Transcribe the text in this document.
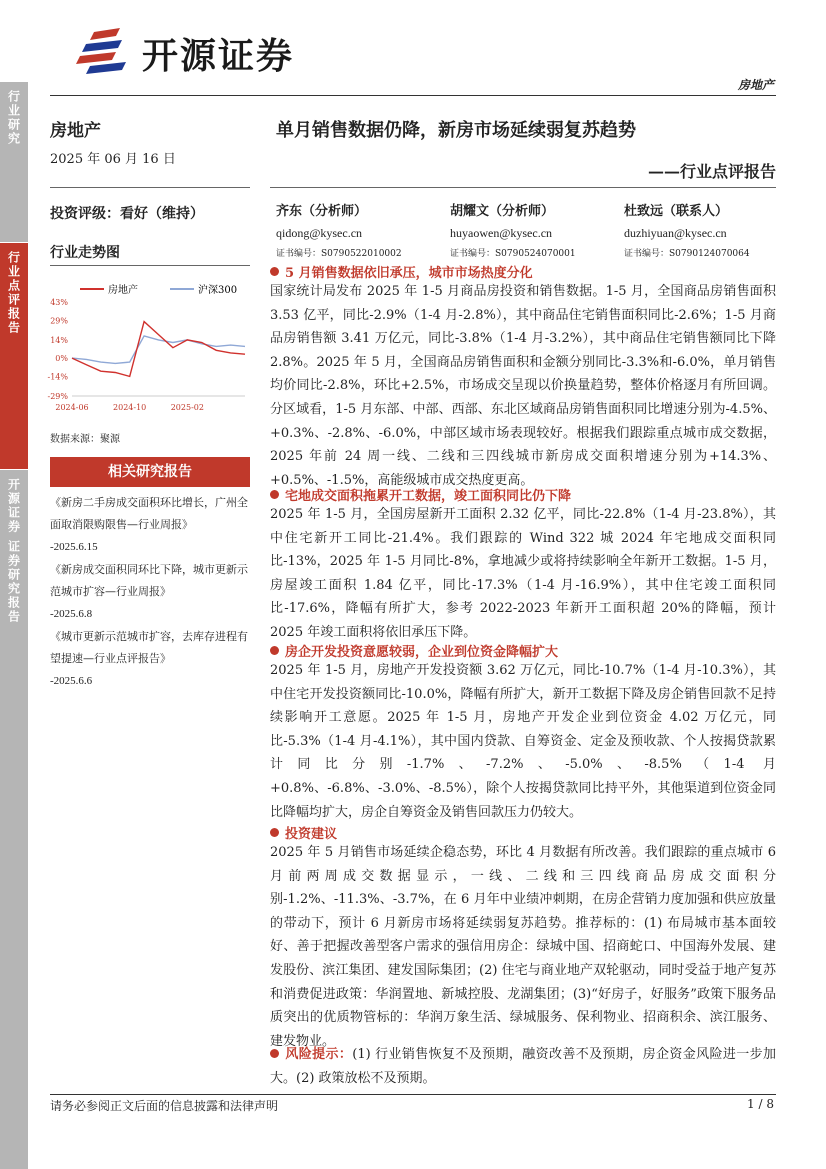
开源证券
房地产
行业研究
行业点评报告
开源证券 证券研究报告
房地产
2025 年 06 月 16 日
投资评级：看好（维持）
行业走势图
房地产	沪深300
43%
29%
14%
0%
-14%
-29%
2024-06	2024-10	2025-02
数据来源：聚源
相关研究报告
《新房二手房成交面积环比增长，广州全面取消限购限售—行业周报》
-2025.6.15
《新房成交面积同环比下降，城市更新示范城市扩容—行业周报》
-2025.6.8
《城市更新示范城市扩容，去库存进程有望提速—行业点评报告》
-2025.6.6
单月销售数据仍降，新房市场延续弱复苏趋势
——行业点评报告
齐东（分析师）
qidong@kysec.cn
证书编号：S0790522010002
胡耀文（分析师）
huyaowen@kysec.cn
证书编号：S0790524070001
杜致远（联系人）
duzhiyuan@kysec.cn
证书编号：S0790124070064
5 月销售数据依旧承压，城市市场热度分化
国家统计局发布 2025 年 1-5 月商品房投资和销售数据。1-5 月，全国商品房销售面积 3.53 亿平，同比-2.9%（1-4 月-2.8%），其中商品住宅销售面积同比-2.6%；1-5 月商品房销售额 3.41 万亿元，同比-3.8%（1-4 月-3.2%），其中商品住宅销售额同比下降 2.8%。2025 年 5 月，全国商品房销售面积和金额分别同比-3.3%和-6.0%，单月销售均价同比-2.8%，环比+2.5%，市场成交呈现以价换量趋势，整体价格逐月有所回调。分区域看，1-5 月东部、中部、西部、东北区域商品房销售面积同比增速分别为-4.5%、+0.3%、-2.8%、-6.0%，中部区域市场表现较好。根据我们跟踪重点城市成交数据，2025 年前 24 周一线、二线和三四线城市新房成交面积增速分别为+14.3%、+0.5%、-1.5%，高能级城市成交热度更高。
宅地成交面积拖累开工数据，竣工面积同比仍下降
2025 年 1-5 月，全国房屋新开工面积 2.32 亿平，同比-22.8%（1-4 月-23.8%），其中住宅新开工同比-21.4%。我们跟踪的 Wind 322 城 2024 年宅地成交面积同比-13%，2025 年 1-5 月同比-8%，拿地减少或将持续影响全年新开工数据。1-5 月，房屋竣工面积 1.84 亿平，同比-17.3%（1-4 月-16.9%），其中住宅竣工面积同比-17.6%，降幅有所扩大，参考 2022-2023 年新开工面积超 20%的降幅，预计 2025 年竣工面积将依旧承压下降。
房企开发投资意愿较弱，企业到位资金降幅扩大
2025 年 1-5 月，房地产开发投资额 3.62 万亿元，同比-10.7%（1-4 月-10.3%），其中住宅开发投资额同比-10.0%，降幅有所扩大，新开工数据下降及房企销售回款不足持续影响开工意愿。2025 年 1-5 月，房地产开发企业到位资金 4.02 万亿元，同比-5.3%（1-4 月-4.1%），其中国内贷款、自筹资金、定金及预收款、个人按揭贷款累计同比分别-1.7%、-7.2%、-5.0%、-8.5%（1-4 月+0.8%、-6.8%、-3.0%、-8.5%），除个人按揭贷款同比持平外，其他渠道到位资金同比降幅均扩大，房企自筹资金及销售回款压力仍较大。
投资建议
2025 年 5 月销售市场延续企稳态势，环比 4 月数据有所改善。我们跟踪的重点城市 6 月前两周成交数据显示，一线、二线和三四线商品房成交面积分别-1.2%、-11.3%、-3.7%，在 6 月年中业绩冲刺期，在房企营销力度加强和供应放量的带动下，预计 6 月新房市场将延续弱复苏趋势。推荐标的：(1) 布局城市基本面较好、善于把握改善型客户需求的强信用房企：绿城中国、招商蛇口、中国海外发展、建发股份、滨江集团、建发国际集团；(2) 住宅与商业地产双轮驱动，同时受益于地产复苏和消费促进政策：华润置地、新城控股、龙湖集团；(3)“好房子，好服务”政策下服务品质突出的优质物管标的：华润万象生活、绿城服务、保利物业、招商积余、滨江服务、建发物业。
风险提示：(1) 行业销售恢复不及预期，融资改善不及预期，房企资金风险进一步加大。(2) 政策放松不及预期。
请务必参阅正文后面的信息披露和法律声明	1 / 8
